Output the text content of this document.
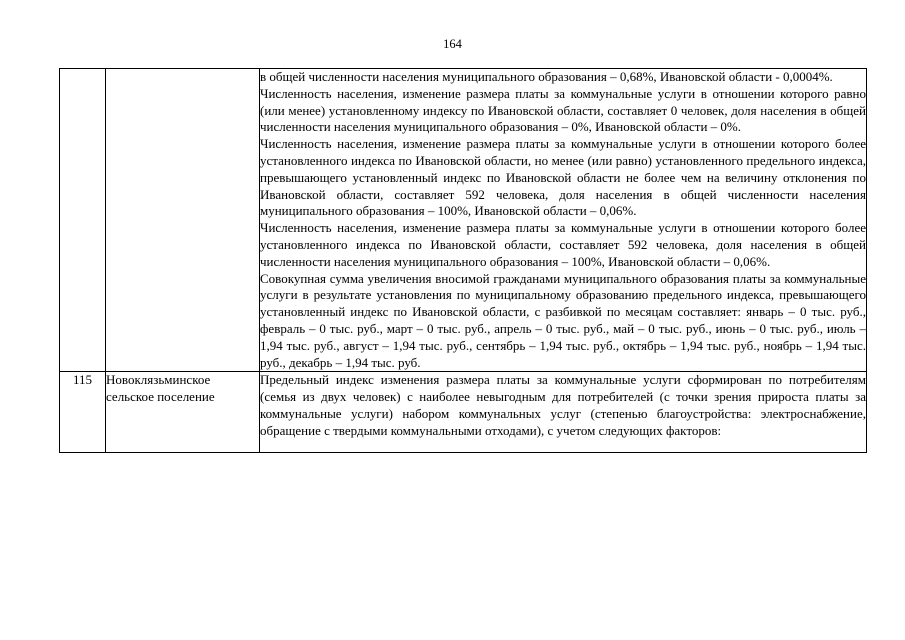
164

		в общей численности населения муниципального образования – 0,68%, Ивановской области - 0,0004%.

Численность населения, изменение размера платы за коммунальные услуги в отношении которого равно (или менее) установленному индексу по Ивановской области, составляет 0 человек, доля населения в общей численности населения муниципального образования – 0%, Ивановской области – 0%.

Численность населения, изменение размера платы за коммунальные услуги в отношении которого более установленного индекса по Ивановской области, но менее (или равно) установленного предельного индекса, превышающего установленный индекс по Ивановской области не более чем на величину отклонения по Ивановской области, составляет 592 человека, доля населения в общей численности населения муниципального образования – 100%, Ивановской области – 0,06%.

Численность населения, изменение размера платы за коммунальные услуги в отношении которого более установленного индекса по Ивановской области, составляет 592 человека, доля населения в общей численности населения муниципального образования – 100%, Ивановской области – 0,06%.

Совокупная сумма увеличения вносимой гражданами муниципального образования платы за коммунальные услуги в результате установления по муниципальному образованию предельного индекса, превышающего установленный индекс по Ивановской области, с разбивкой по месяцам составляет: январь – 0 тыс. руб., февраль – 0 тыс. руб., март – 0 тыс. руб., апрель – 0 тыс. руб., май – 0 тыс. руб., июнь – 0 тыс. руб., июль – 1,94 тыс. руб., август – 1,94 тыс. руб., сентябрь – 1,94 тыс. руб., октябрь – 1,94 тыс. руб., ноябрь – 1,94 тыс. руб., декабрь – 1,94 тыс. руб.

115	Новоклязьминское сельское поселение	Предельный индекс изменения размера платы за коммунальные услуги сформирован по потребителям (семья из двух человек) с наиболее невыгодным для потребителей (с точки зрения прироста платы за коммунальные услуги) набором коммунальных услуг (степенью благоустройства: электроснабжение, обращение с твердыми коммунальными отходами), с учетом следующих факторов:
